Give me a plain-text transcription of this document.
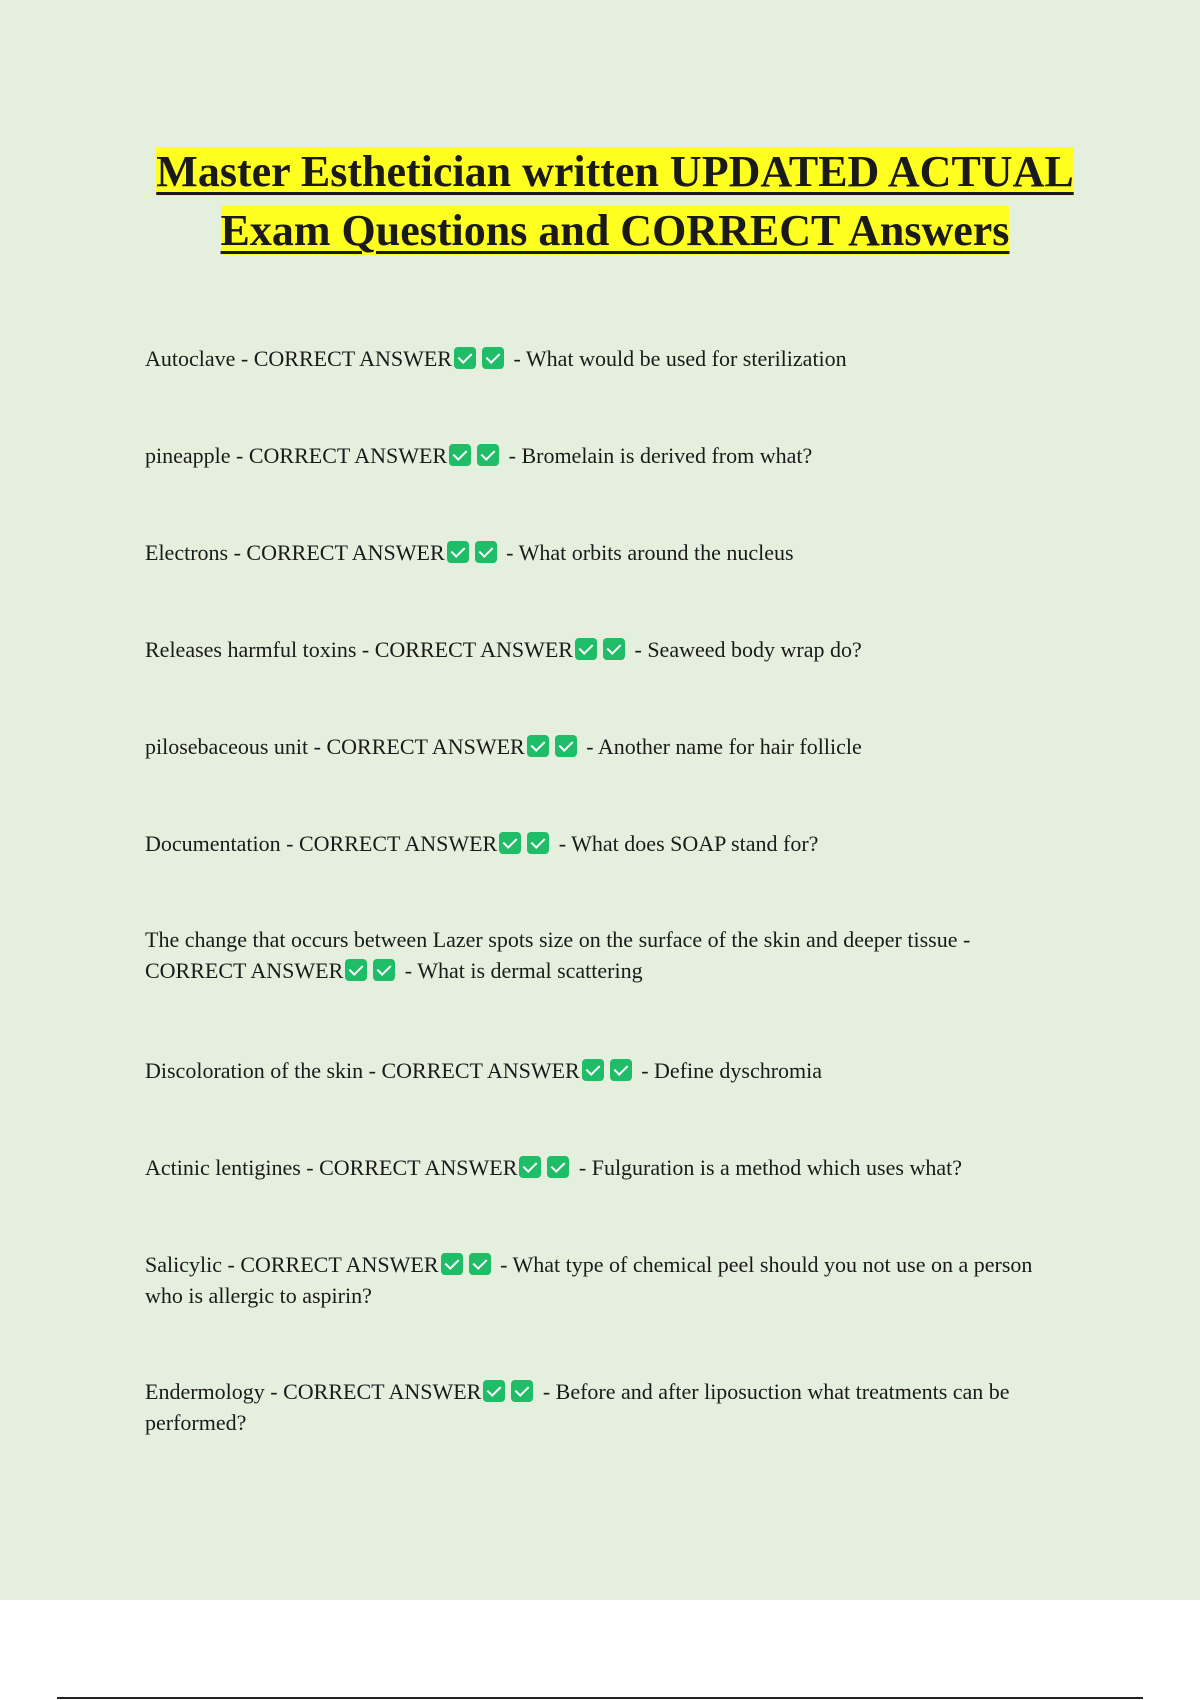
Master Esthetician written UPDATED ACTUAL Exam Questions and CORRECT Answers

Autoclave - CORRECT ANSWER	- What would be used for sterilization

pineapple - CORRECT ANSWER	- Bromelain is derived from what?

Electrons - CORRECT ANSWER	- What orbits around the nucleus

Releases harmful toxins - CORRECT ANSWER	- Seaweed body wrap do?

pilosebaceous unit - CORRECT ANSWER	- Another name for hair follicle

Documentation - CORRECT ANSWER	- What does SOAP stand for?

The change that occurs between Lazer spots size on the surface of the skin and deeper tissue - CORRECT ANSWER	- What is dermal scattering

Discoloration of the skin - CORRECT ANSWER	- Define dyschromia

Actinic lentigines - CORRECT ANSWER	- Fulguration is a method which uses what?

Salicylic - CORRECT ANSWER	- What type of chemical peel should you not use on a person who is allergic to aspirin?

Endermology - CORRECT ANSWER	- Before and after liposuction what treatments can be performed?
